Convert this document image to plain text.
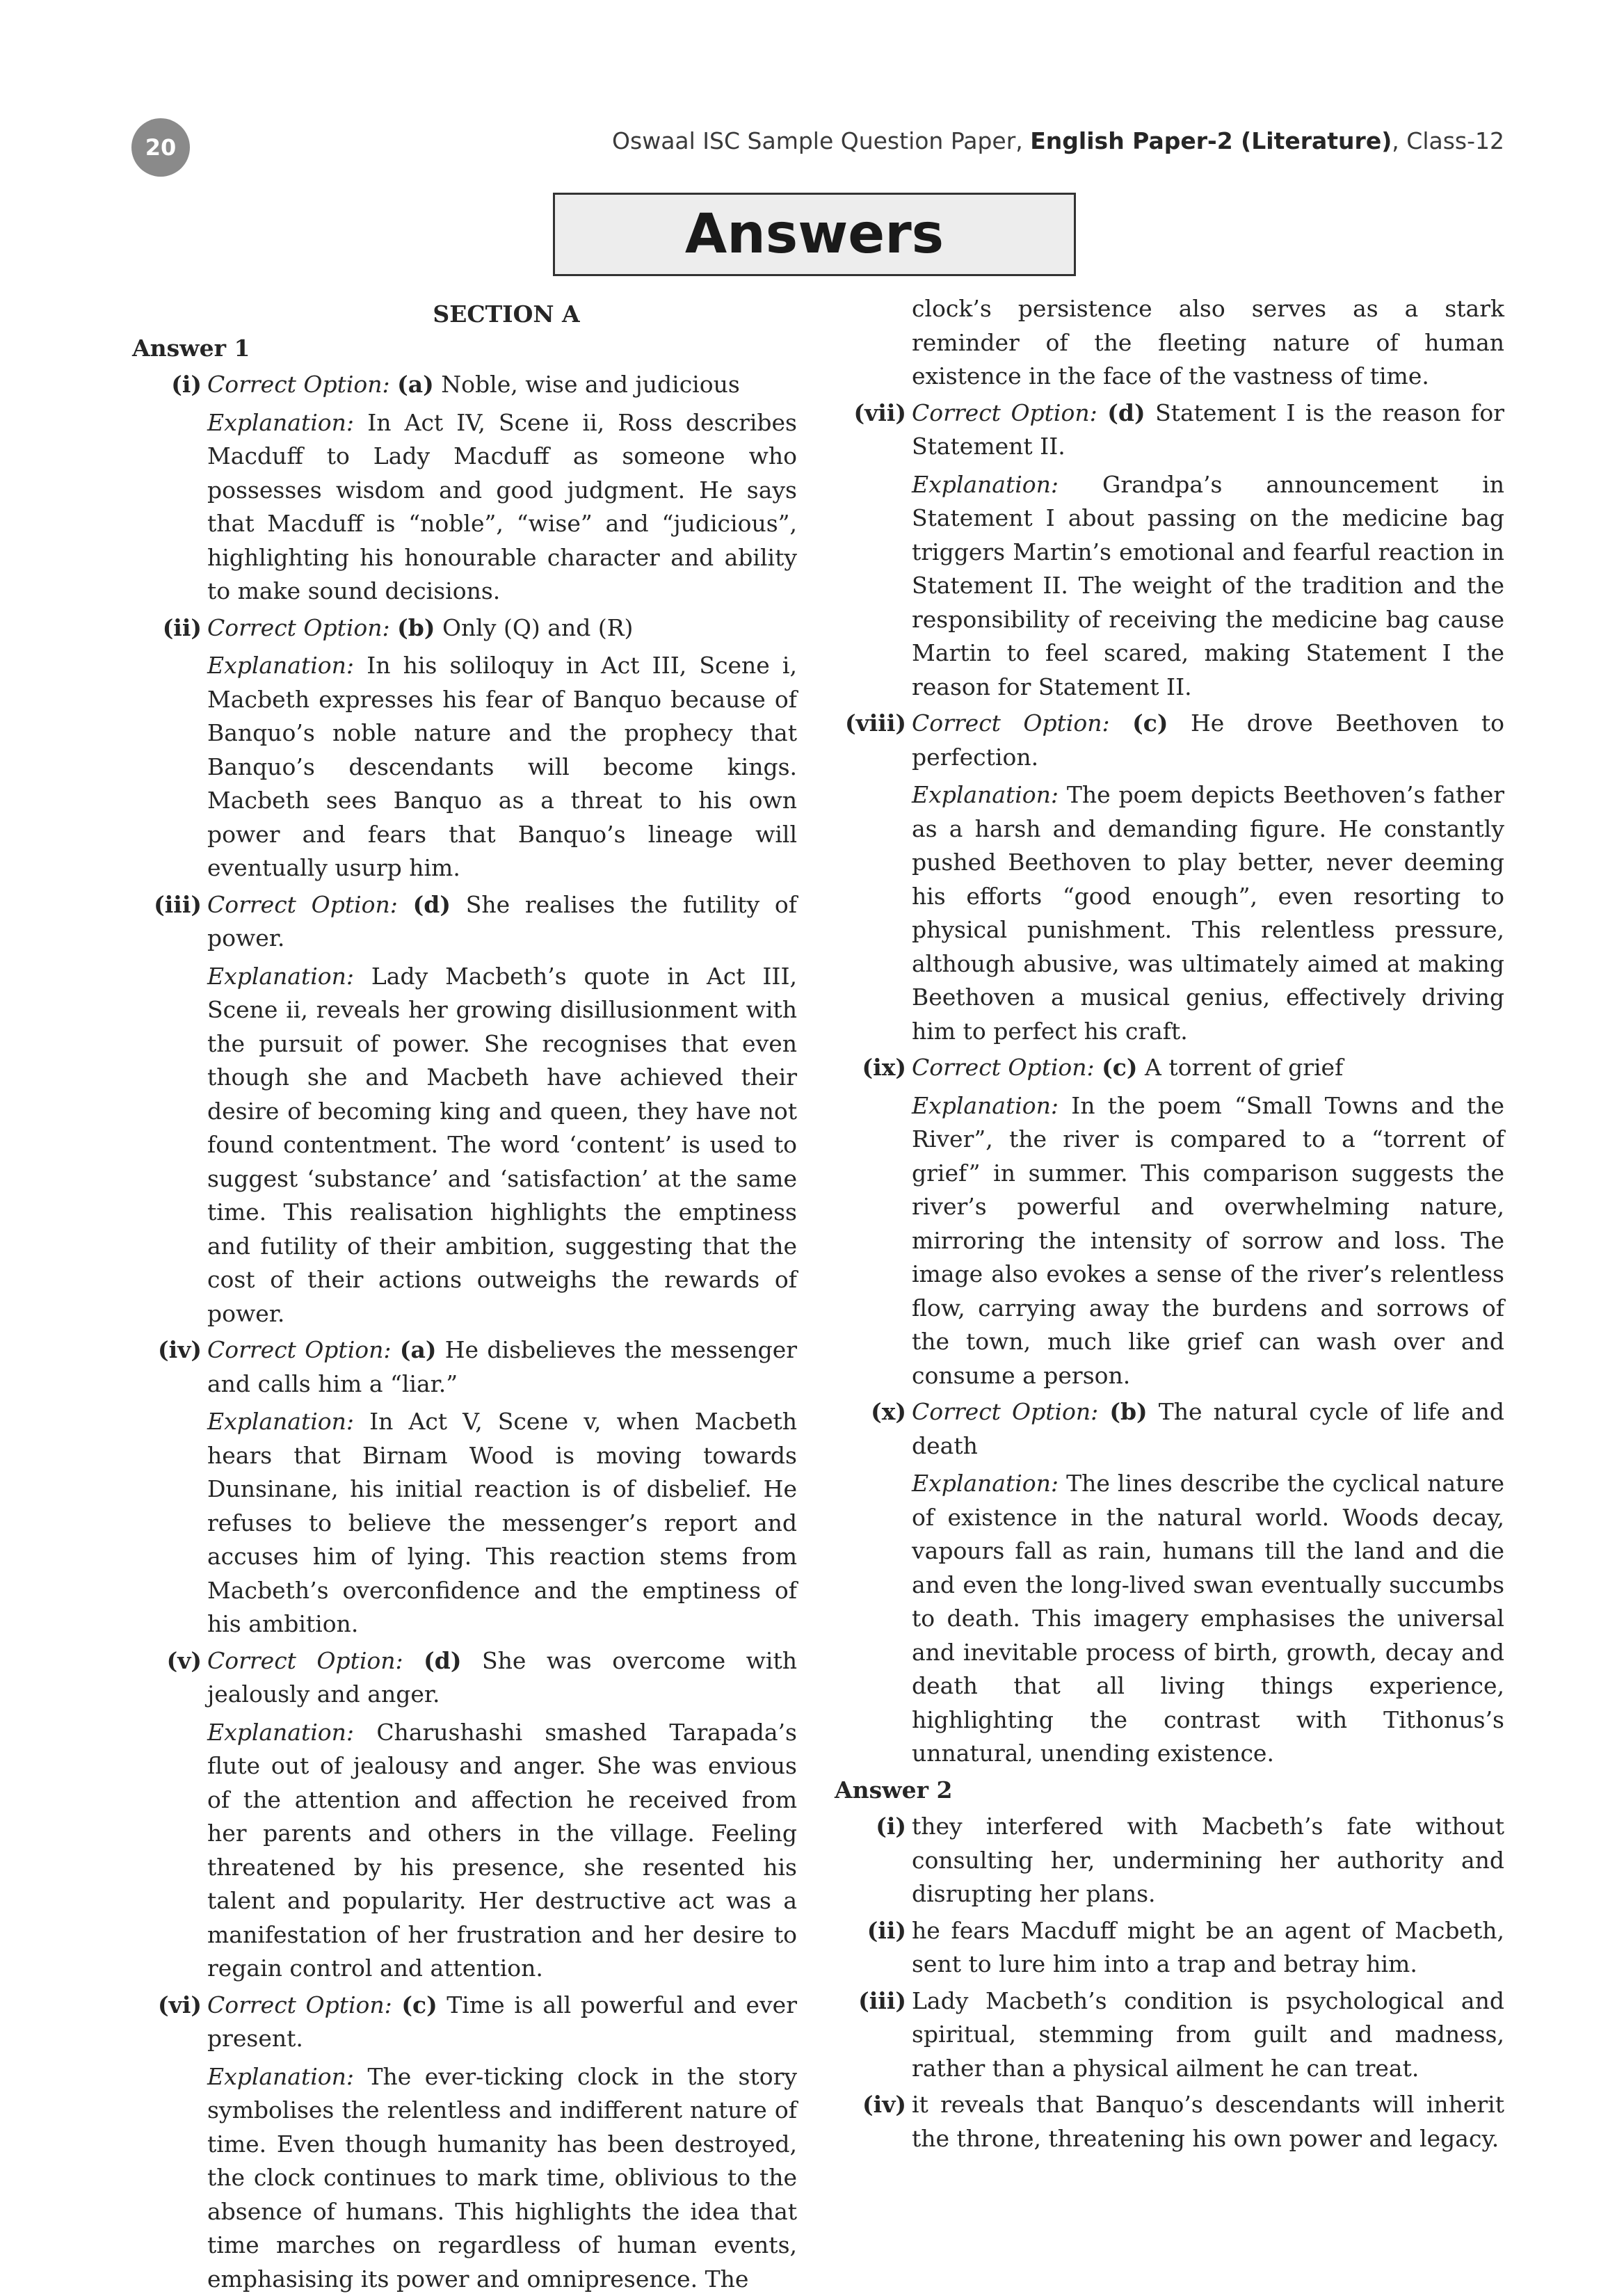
20	Oswaal ISC Sample Question Paper, English Paper-2 (Literature), Class-12
Answers

SECTION A

Answer 1

(i) Correct Option: (a) Noble, wise and judicious

Explanation: In Act IV, Scene ii, Ross describes Macduff to Lady Macduff as someone who possesses wisdom and good judgment. He says that Macduff is “noble”, “wise” and “judicious”, highlighting his honourable character and ability to make sound decisions.

(ii) Correct Option: (b) Only (Q) and (R)

Explanation: In his soliloquy in Act III, Scene i, Macbeth expresses his fear of Banquo because of Banquo’s noble nature and the prophecy that Banquo’s descendants will become kings. Macbeth sees Banquo as a threat to his own power and fears that Banquo’s lineage will eventually usurp him.

(iii) Correct Option: (d) She realises the futility of power.

Explanation: Lady Macbeth’s quote in Act III, Scene ii, reveals her growing disillusionment with the pursuit of power. She recognises that even though she and Macbeth have achieved their desire of becoming king and queen, they have not found contentment. The word ‘content’ is used to suggest ‘substance’ and ‘satisfaction’ at the same time. This realisation highlights the emptiness and futility of their ambition, suggesting that the cost of their actions outweighs the rewards of power.

(iv) Correct Option: (a) He disbelieves the messenger and calls him a “liar.”

Explanation: In Act V, Scene v, when Macbeth hears that Birnam Wood is moving towards Dunsinane, his initial reaction is of disbelief. He refuses to believe the messenger’s report and accuses him of lying. This reaction stems from Macbeth’s overconfidence and the emptiness of his ambition.

(v) Correct Option: (d) She was overcome with jealously and anger.

Explanation: Charushashi smashed Tarapada’s flute out of jealousy and anger. She was envious of the attention and affection he received from her parents and others in the village. Feeling threatened by his presence, she resented his talent and popularity. Her destructive act was a manifestation of her frustration and her desire to regain control and attention.

(vi) Correct Option: (c) Time is all powerful and ever present.

Explanation: The ever-ticking clock in the story symbolises the relentless and indifferent nature of time. Even though humanity has been destroyed, the clock continues to mark time, oblivious to the absence of humans. This highlights the idea that time marches on regardless of human events, emphasising its power and omnipresence. The

clock’s persistence also serves as a stark reminder of the fleeting nature of human existence in the face of the vastness of time.

(vii) Correct Option: (d) Statement I is the reason for Statement II.

Explanation: Grandpa’s announcement in Statement I about passing on the medicine bag triggers Martin’s emotional and fearful reaction in Statement II. The weight of the tradition and the responsibility of receiving the medicine bag cause Martin to feel scared, making Statement I the reason for Statement II.

(viii) Correct Option: (c) He drove Beethoven to perfection.

Explanation: The poem depicts Beethoven’s father as a harsh and demanding figure. He constantly pushed Beethoven to play better, never deeming his efforts “good enough”, even resorting to physical punishment. This relentless pressure, although abusive, was ultimately aimed at making Beethoven a musical genius, effectively driving him to perfect his craft.

(ix) Correct Option: (c) A torrent of grief

Explanation: In the poem “Small Towns and the River”, the river is compared to a “torrent of grief” in summer. This comparison suggests the river’s powerful and overwhelming nature, mirroring the intensity of sorrow and loss. The image also evokes a sense of the river’s relentless flow, carrying away the burdens and sorrows of the town, much like grief can wash over and consume a person.

(x) Correct Option: (b) The natural cycle of life and death

Explanation: The lines describe the cyclical nature of existence in the natural world. Woods decay, vapours fall as rain, humans till the land and die and even the long-lived swan eventually succumbs to death. This imagery emphasises the universal and inevitable process of birth, growth, decay and death that all living things experience, highlighting the contrast with Tithonus’s unnatural, unending existence.

Answer 2

(i) they interfered with Macbeth’s fate without consulting her, undermining her authority and disrupting her plans.

(ii) he fears Macduff might be an agent of Macbeth, sent to lure him into a trap and betray him.

(iii) Lady Macbeth’s condition is psychological and spiritual, stemming from guilt and madness, rather than a physical ailment he can treat.

(iv) it reveals that Banquo’s descendants will inherit the throne, threatening his own power and legacy.
